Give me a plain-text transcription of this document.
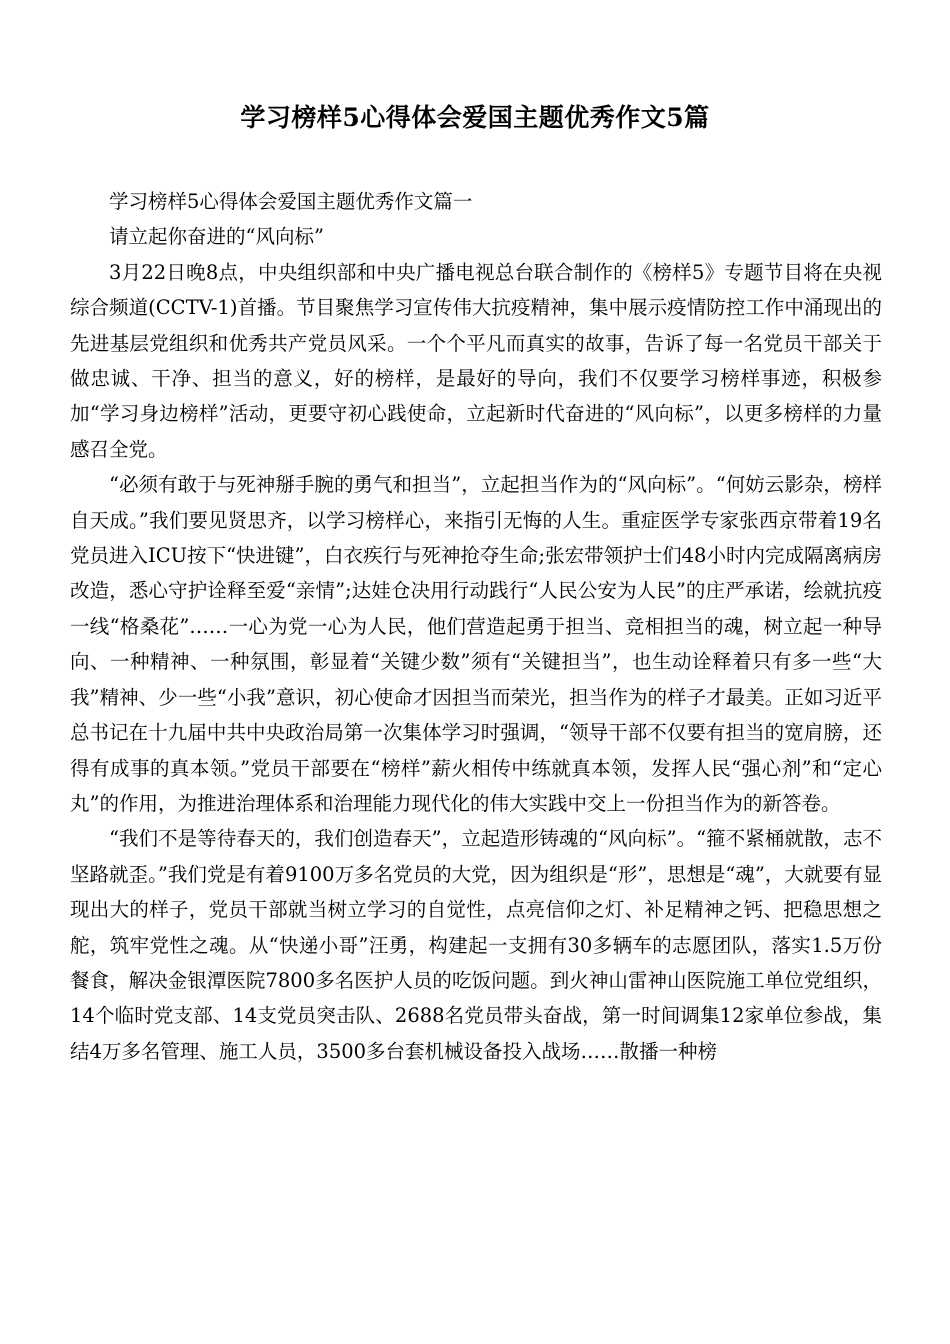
学习榜样5心得体会爱国主题优秀作文5篇

学习榜样5心得体会爱国主题优秀作文篇一

请立起你奋进的“风向标”

3月22日晚8点，中央组织部和中央广播电视总台联合制作的《榜样5》专题节目将在央视综合频道(CCTV-1)首播。节目聚焦学习宣传伟大抗疫精神，集中展示疫情防控工作中涌现出的先进基层党组织和优秀共产党员风采。一个个平凡而真实的故事，告诉了每一名党员干部关于做忠诚、干净、担当的意义，好的榜样，是最好的导向，我们不仅要学习榜样事迹，积极参加“学习身边榜样”活动，更要守初心践使命，立起新时代奋进的“风向标”，以更多榜样的力量感召全党。

“必须有敢于与死神掰手腕的勇气和担当”，立起担当作为的“风向标”。“何妨云影杂，榜样自天成。”我们要见贤思齐，以学习榜样心，来指引无悔的人生。重症医学专家张西京带着19名党员进入ICU按下“快进键”，白衣疾行与死神抢夺生命;张宏带领护士们48小时内完成隔离病房改造，悉心守护诠释至爱“亲情”;达娃仓决用行动践行“人民公安为人民”的庄严承诺，绘就抗疫一线“格桑花”……一心为党一心为人民，他们营造起勇于担当、竞相担当的魂，树立起一种导向、一种精神、一种氛围，彰显着“关键少数”须有“关键担当”，也生动诠释着只有多一些“大我”精神、少一些“小我”意识，初心使命才因担当而荣光，担当作为的样子才最美。正如习近平总书记在十九届中共中央政治局第一次集体学习时强调，“领导干部不仅要有担当的宽肩膀，还得有成事的真本领。”党员干部要在“榜样”薪火相传中练就真本领，发挥人民“强心剂”和“定心丸”的作用，为推进治理体系和治理能力现代化的伟大实践中交上一份担当作为的新答卷。

“我们不是等待春天的，我们创造春天”，立起造形铸魂的“风向标”。“箍不紧桶就散，志不坚路就歪。”我们党是有着9100万多名党员的大党，因为组织是“形”，思想是“魂”，大就要有显现出大的样子，党员干部就当树立学习的自觉性，点亮信仰之灯、补足精神之钙、把稳思想之舵，筑牢党性之魂。从“快递小哥”汪勇，构建起一支拥有30多辆车的志愿团队，落实1.5万份餐食，解决金银潭医院7800多名医护人员的吃饭问题。到火神山雷神山医院施工单位党组织，14个临时党支部、14支党员突击队、2688名党员带头奋战，第一时间调集12家单位参战，集结4万多名管理、施工人员，3500多台套机械设备投入战场……散播一种榜
